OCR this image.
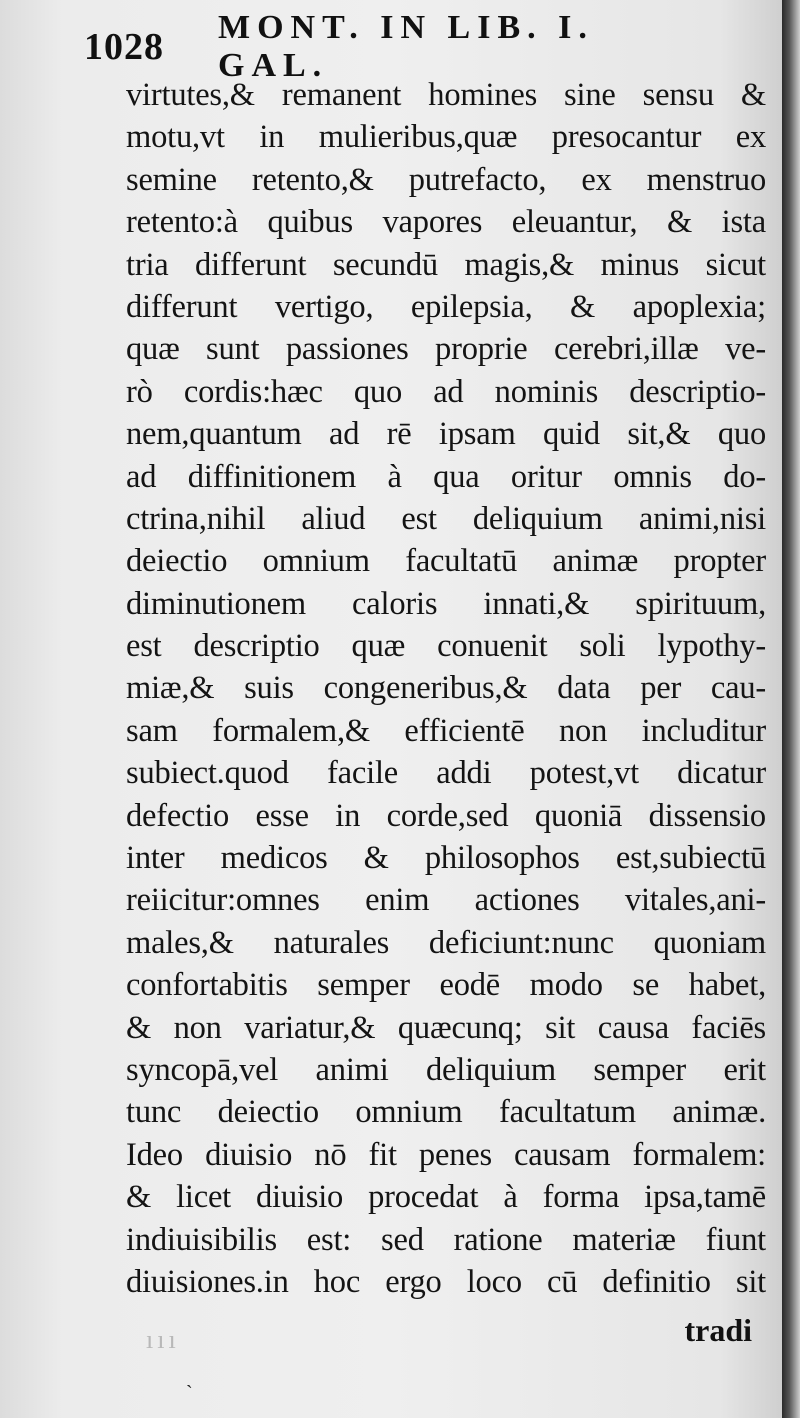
1028 MONT. IN LIB. I. GAL.
virtutes,& remanent homines sine sensu &
motu,vt in mulieribus,quæ presocantur ex
semine retento,& putrefacto, ex menstruo
retento:à quibus vapores eleuantur, & ista
tria differunt secundū magis,& minus sicut
differunt vertigo, epilepsia, & apoplexia;
quæ sunt passiones proprie cerebri,illæ ve-
rò cordis:hæc quo ad nominis descriptio-
nem,quantum ad rē ipsam quid sit,& quo
ad diffinitionem à qua oritur omnis do-
ctrina,nihil aliud est deliquium animi,nisi
deiectio omnium facultatū animæ propter
diminutionem caloris innati,& spirituum,
est descriptio quæ conuenit soli lypothy-
miæ,& suis congeneribus,& data per cau-
sam formalem,& efficientē non includitur
subiect.quod facile addi potest,vt dicatur
defectio esse in corde,sed quoniā dissensio
inter medicos & philosophos est,subiectū
reiicitur:omnes enim actiones vitales,ani-
males,& naturales deficiunt:nunc quoniam
confortabitis semper eodē modo se habet,
& non variatur,& quæcunq; sit causa faciēs
syncopā,vel animi deliquium semper erit
tunc deiectio omnium facultatum animæ.
Ideo diuisio nō fit penes causam formalem:
& licet diuisio procedat à forma ipsa,tamē
indiuisibilis est: sed ratione materiæ fiunt
diuisiones.in hoc ergo loco cū definitio sit
ııı	tradi
ˋ
